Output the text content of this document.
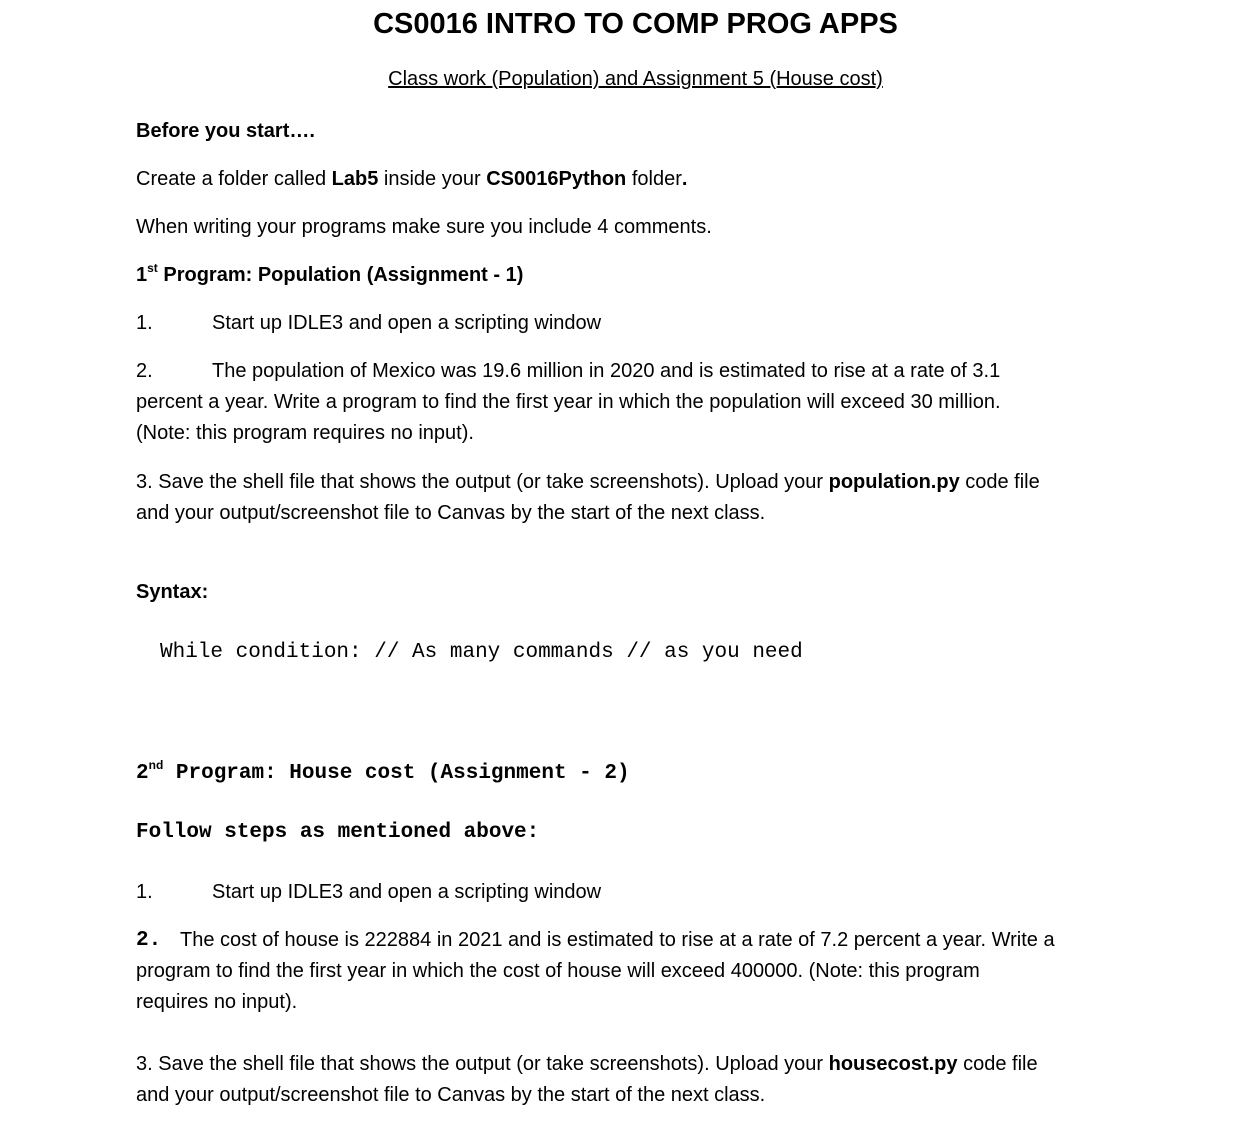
CS0016 INTRO TO COMP PROG APPS
Class work (Population) and Assignment 5 (House cost)
Before you start….
Create a folder called Lab5 inside your CS0016Python folder.
When writing your programs make sure you include 4 comments.
1st Program: Population (Assignment - 1)
1.	Start up IDLE3 and open a scripting window
2.	The population of Mexico was 19.6 million in 2020 and is estimated to rise at a rate of 3.1
percent a year. Write a program to find the first year in which the population will exceed 30 million.
(Note: this program requires no input).
3. Save the shell file that shows the output (or take screenshots). Upload your population.py code file
and your output/screenshot file to Canvas by the start of the next class.
Syntax:
While condition: // As many commands // as you need
2nd Program: House cost (Assignment - 2)
Follow steps as mentioned above:
1.	Start up IDLE3 and open a scripting window
2. The cost of house is 222884 in 2021 and is estimated to rise at a rate of 7.2 percent a year. Write a
program to find the first year in which the cost of house will exceed 400000. (Note: this program
requires no input).
3. Save the shell file that shows the output (or take screenshots). Upload your housecost.py code file
and your output/screenshot file to Canvas by the start of the next class.
